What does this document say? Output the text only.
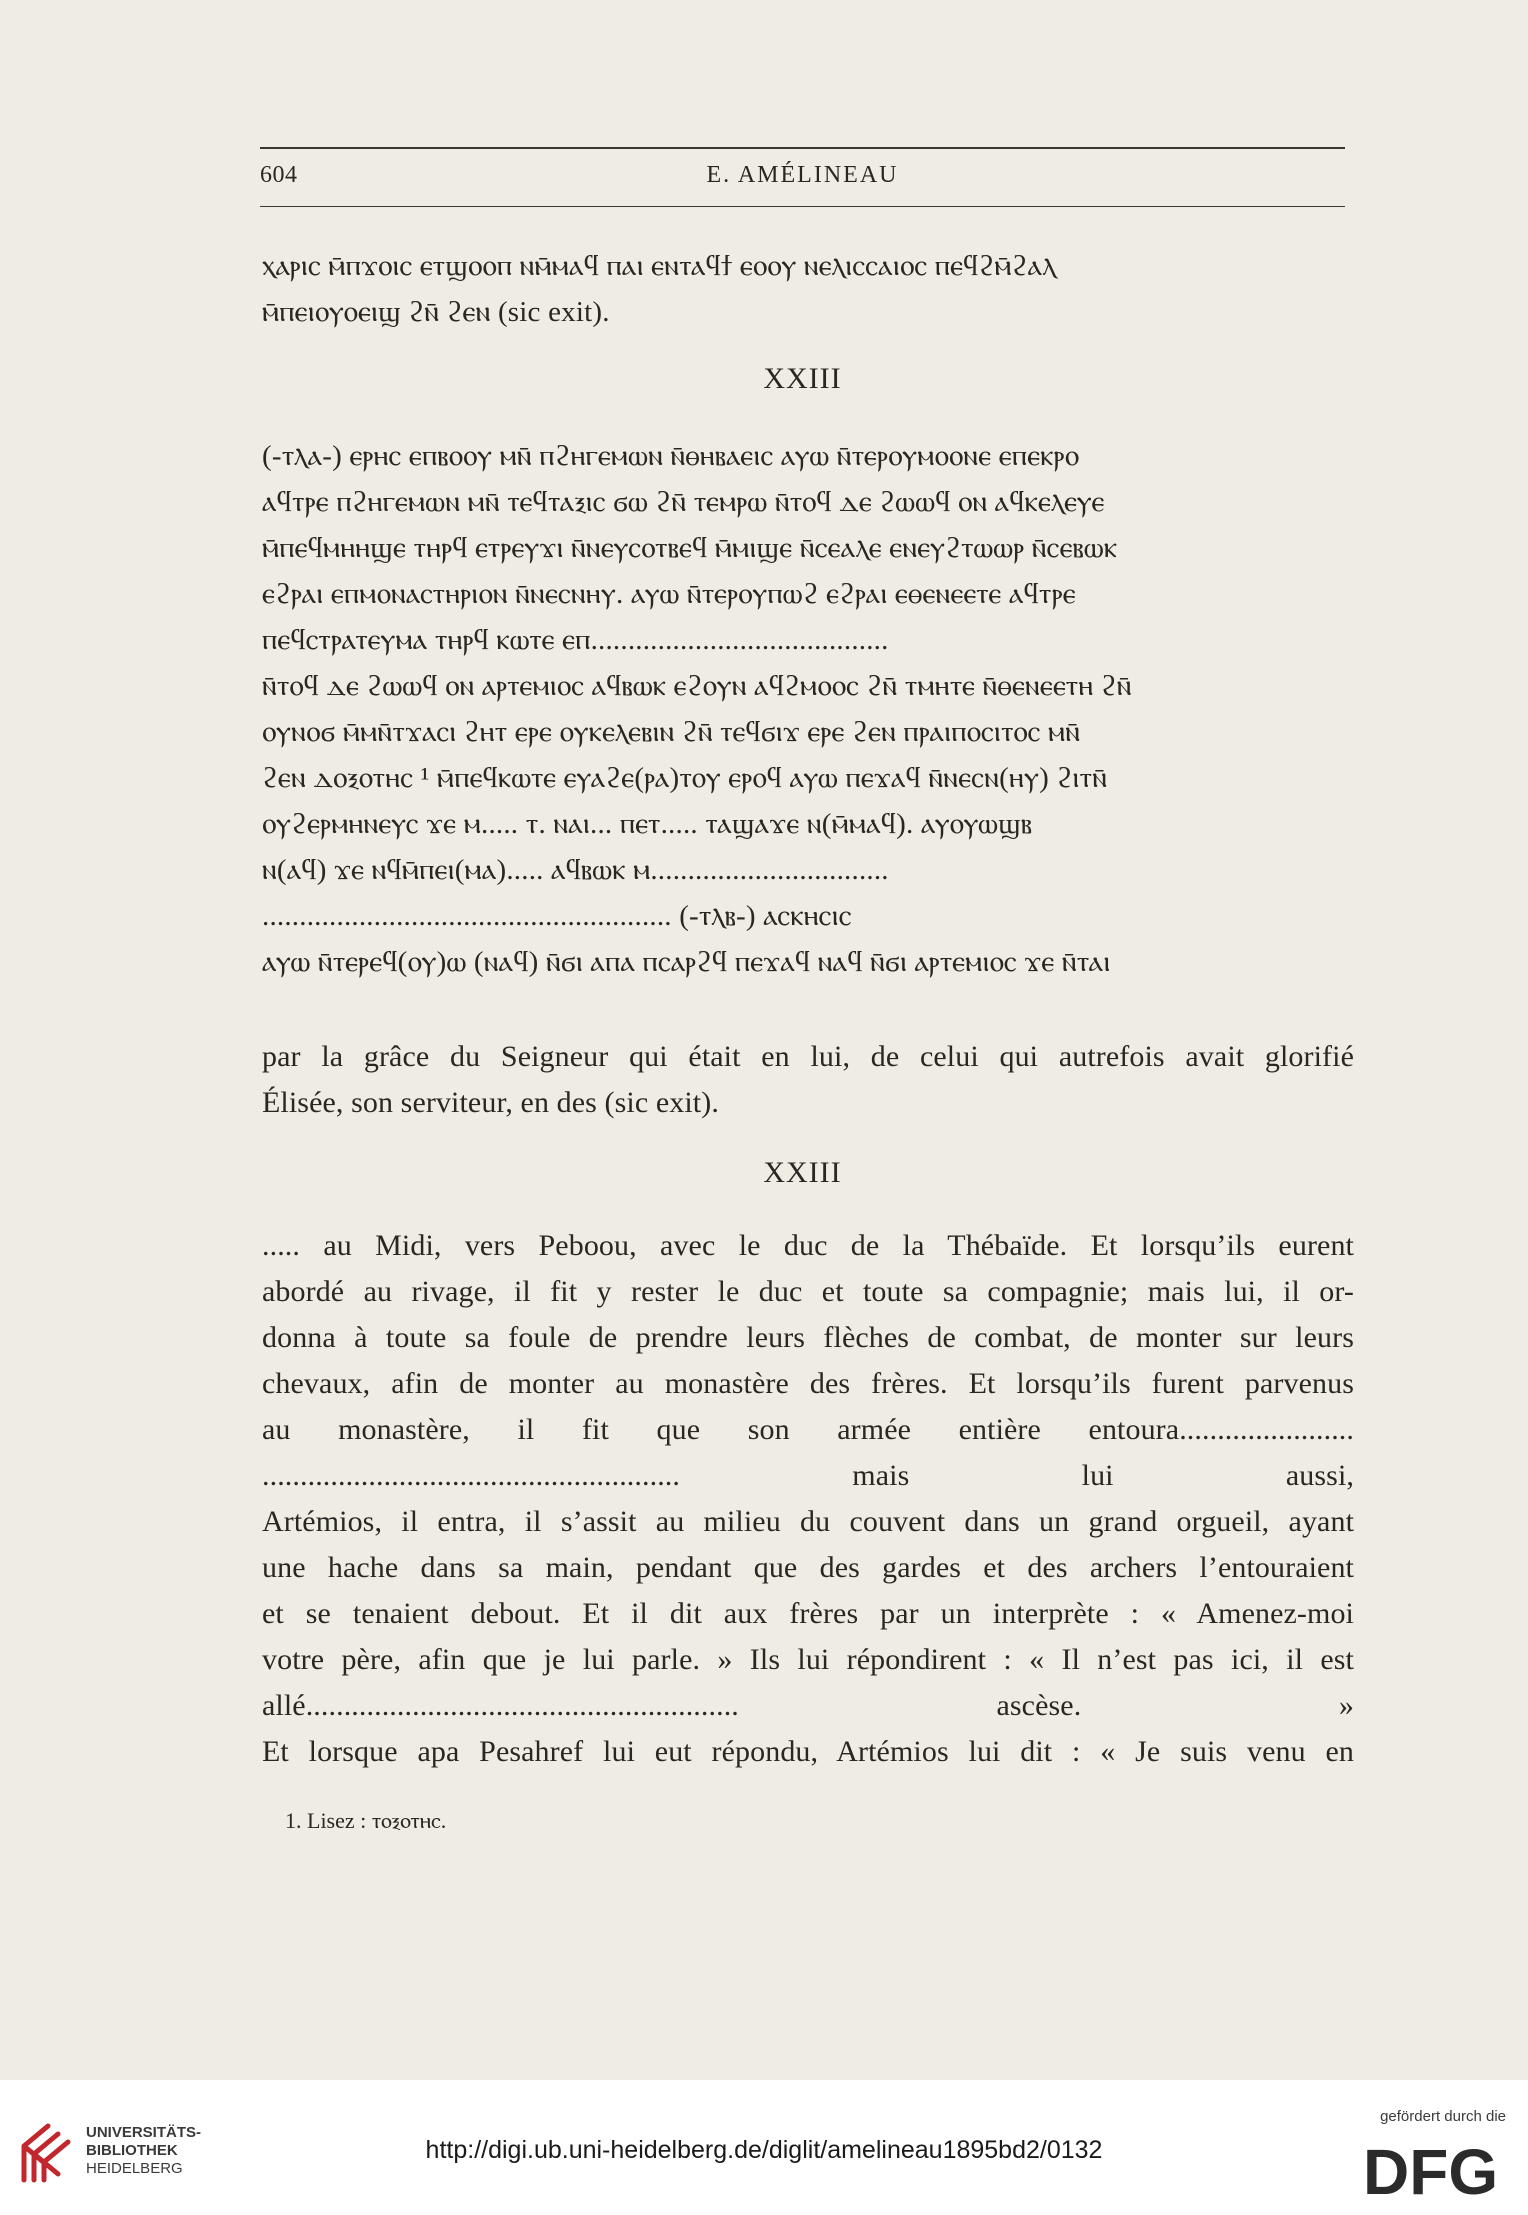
604	E. AMÉLINEAU
ⲭⲁⲣⲓⲥ ⲙ̄ⲡϫⲟⲓⲥ ⲉⲧϣⲟⲟⲡ ⲛⲙ̄ⲙⲁϥ ⲡⲁⲓ ⲉⲛⲧⲁϥϯ ⲉⲟⲟⲩ ⲛⲉⲗⲓⲥⲥⲁⲓⲟⲥ ⲡⲉϥϩⲙ̄ϩⲁⲗ
ⲙ̄ⲡⲉⲓⲟⲩⲟⲉⲓϣ ϩⲛ̄ ϩⲉⲛ (sic exit).
XXIII
(-ⲧⲗⲁ-) ⲉⲣⲏⲥ ⲉⲡⲃⲟⲟⲩ ⲙⲛ̄ ⲡϩⲏⲅⲉⲙⲱⲛ ⲛ̄ⲑⲏⲃⲁⲉⲓⲥ ⲁⲩⲱ ⲛ̄ⲧⲉⲣⲟⲩⲙⲟⲟⲛⲉ ⲉⲡⲉⲕⲣⲟ
ⲁϥⲧⲣⲉ ⲡϩⲏⲅⲉⲙⲱⲛ ⲙⲛ̄ ⲧⲉϥⲧⲁⲝⲓⲥ ϭⲱ ϩⲛ̄ ⲧⲉⲙⲣⲱ ⲛ̄ⲧⲟϥ ⲇⲉ ϩⲱⲱϥ ⲟⲛ ⲁϥⲕⲉⲗⲉⲩⲉ
ⲙ̄ⲡⲉϥⲙⲏⲏϣⲉ ⲧⲏⲣϥ ⲉⲧⲣⲉⲩϫⲓ ⲛ̄ⲛⲉⲩⲥⲟⲧⲃⲉϥ ⲙ̄ⲙⲓϣⲉ ⲛ̄ⲥⲉⲁⲗⲉ ⲉⲛⲉⲩϩⲧⲱⲱⲣ ⲛ̄ⲥⲉⲃⲱⲕ
ⲉϩⲣⲁⲓ ⲉⲡⲙⲟⲛⲁⲥⲧⲏⲣⲓⲟⲛ ⲛ̄ⲛⲉⲥⲛⲏⲩ. ⲁⲩⲱ ⲛ̄ⲧⲉⲣⲟⲩⲡⲱϩ ⲉϩⲣⲁⲓ ⲉⲑⲉⲛⲉⲉⲧⲉ ⲁϥⲧⲣⲉ
ⲡⲉϥⲥⲧⲣⲁⲧⲉⲩⲙⲁ ⲧⲏⲣϥ ⲕⲱⲧⲉ ⲉⲡ........................................
ⲛ̄ⲧⲟϥ ⲇⲉ ϩⲱⲱϥ ⲟⲛ ⲁⲣⲧⲉⲙⲓⲟⲥ ⲁϥⲃⲱⲕ ⲉϩⲟⲩⲛ ⲁϥϩⲙⲟⲟⲥ ϩⲛ̄ ⲧⲙⲏⲧⲉ ⲛ̄ⲑⲉⲛⲉⲉⲧⲏ ϩⲛ̄
ⲟⲩⲛⲟϭ ⲙ̄ⲙⲛ̄ⲧϫⲁⲥⲓ ϩⲏⲧ ⲉⲣⲉ ⲟⲩⲕⲉⲗⲉⲃⲓⲛ ϩⲛ̄ ⲧⲉϥϭⲓϫ ⲉⲣⲉ ϩⲉⲛ ⲡⲣⲁⲓⲡⲟⲥⲓⲧⲟⲥ ⲙⲛ̄
ϩⲉⲛ ⲇⲟⲝⲟⲧⲏⲥ ¹ ⲙ̄ⲡⲉϥⲕⲱⲧⲉ ⲉⲩⲁϩⲉ(ⲣⲁ)ⲧⲟⲩ ⲉⲣⲟϥ ⲁⲩⲱ ⲡⲉϫⲁϥ ⲛ̄ⲛⲉⲥⲛ(ⲏⲩ) ϩⲓⲧⲛ̄
ⲟⲩϩⲉⲣⲙⲏⲛⲉⲩⲥ ϫⲉ ⲙ..... ⲧ. ⲛⲁⲓ... ⲡⲉⲧ..... ⲧⲁϣⲁϫⲉ ⲛ(ⲙ̄ⲙⲁϥ). ⲁⲩⲟⲩⲱϣⲃ
ⲛ(ⲁϥ) ϫⲉ ⲛϥⲙ̄ⲡⲉⲓ(ⲙⲁ)..... ⲁϥⲃⲱⲕ ⲙ................................
....................................................... (-ⲧⲗⲃ-) ⲁⲥⲕⲏⲥⲓⲥ
ⲁⲩⲱ ⲛ̄ⲧⲉⲣⲉϥ(ⲟⲩ)ⲱ (ⲛⲁϥ) ⲛ̄ϭⲓ ⲁⲡⲁ ⲡⲥⲁⲣϩϥ ⲡⲉϫⲁϥ ⲛⲁϥ ⲛ̄ϭⲓ ⲁⲣⲧⲉⲙⲓⲟⲥ ϫⲉ ⲛ̄ⲧⲁⲓ
par la grâce du Seigneur qui était en lui, de celui qui autrefois avait glorifié
Élisée, son serviteur, en des (sic exit).
XXIII
..... au Midi, vers Peboou, avec le duc de la Thébaïde. Et lorsqu’ils eurent
abordé au rivage, il fit y rester le duc et toute sa compagnie; mais lui, il or-
donna à toute sa foule de prendre leurs flèches de combat, de monter sur leurs
chevaux, afin de monter au monastère des frères. Et lorsqu’ils furent parvenus
au monastère, il fit que son armée entière entoura.......................
....................................................... mais lui aussi,
Artémios, il entra, il s’assit au milieu du couvent dans un grand orgueil, ayant
une hache dans sa main, pendant que des gardes et des archers l’entouraient
et se tenaient debout. Et il dit aux frères par un interprète : « Amenez-moi
votre père, afin que je lui parle. » Ils lui répondirent : « Il n’est pas ici, il est
allé......................................................... ascèse. »
Et lorsque apa Pesahref lui eut répondu, Artémios lui dit : « Je suis venu en
1. Lisez : ⲧⲟⲝⲟⲧⲏⲥ.
UNIVERSITÄTS-
BIBLIOTHEK
HEIDELBERG
http://digi.ub.uni-heidelberg.de/diglit/amelineau1895bd2/0132
gefördert durch die
DFG
